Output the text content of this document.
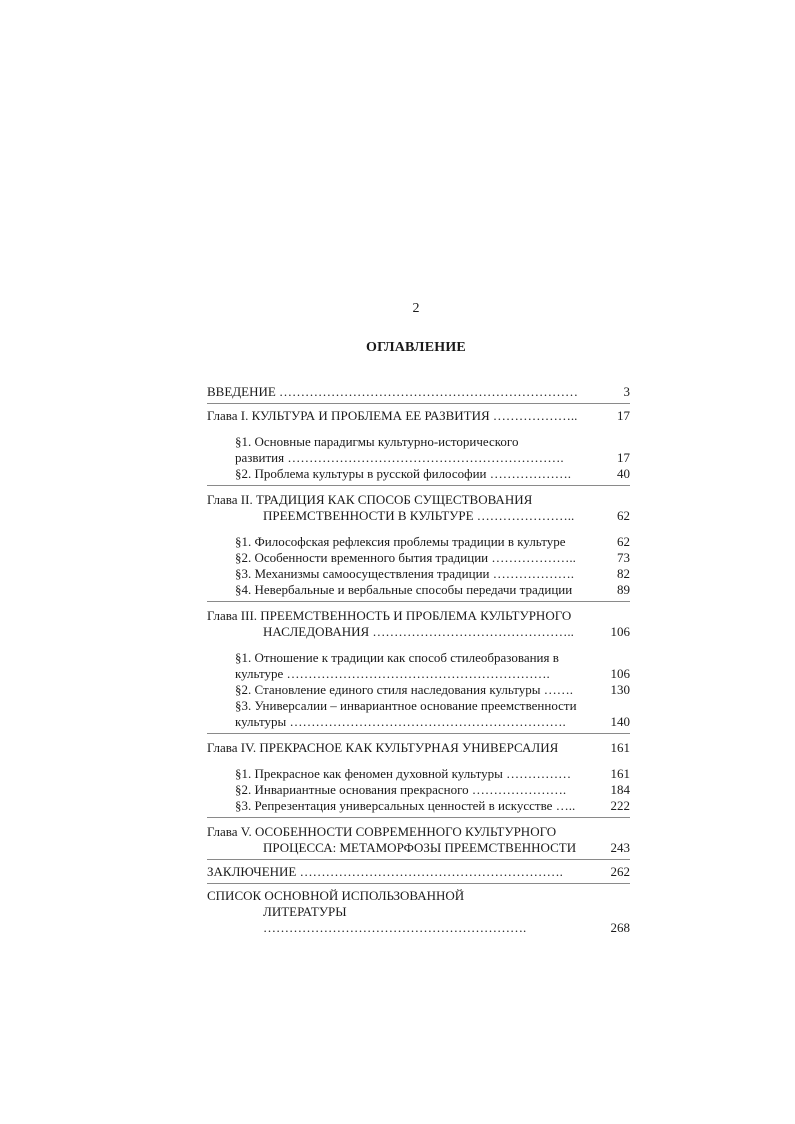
2
ОГЛАВЛЕНИЕ
ВВЕДЕНИЕ ……………………………………………………………	3
Глава I. КУЛЬТУРА И ПРОБЛЕМА ЕЕ РАЗВИТИЯ ………………..	17
§1. Основные парадигмы культурно-исторического
развития ……………………………………………………….	17
§2. Проблема культуры в русской философии ……………….	40
Глава II. ТРАДИЦИЯ КАК СПОСОБ СУЩЕСТВОВАНИЯ
ПРЕЕМСТВЕННОСТИ В КУЛЬТУРЕ …………………..	62
§1. Философская рефлексия проблемы традиции в культуре	62
§2. Особенности временного бытия традиции ………………..	73
§3. Механизмы самоосуществления традиции ……………….	82
§4. Невербальные и вербальные способы передачи традиции	89
Глава III. ПРЕЕМСТВЕННОСТЬ И ПРОБЛЕМА КУЛЬТУРНОГО
НАСЛЕДОВАНИЯ ………………………………………..	106
§1. Отношение к традиции как способ стилеобразования в
культуре …………………………………………………….	106
§2. Становление единого стиля наследования культуры …….	130
§3. Универсалии – инвариантное основание преемственности
культуры ……………………………………………………….	140
Глава IV. ПРЕКРАСНОЕ КАК КУЛЬТУРНАЯ УНИВЕРСАЛИЯ	161
§1. Прекрасное как феномен духовной культуры ……………	161
§2. Инвариантные основания прекрасного ………………….	184
§3. Репрезентация универсальных ценностей в искусстве …..	222
Глава V. ОСОБЕННОСТИ СОВРЕМЕННОГО КУЛЬТУРНОГО
ПРОЦЕССА: МЕТАМОРФОЗЫ ПРЕЕМСТВЕННОСТИ	243
ЗАКЛЮЧЕНИЕ …………………………………………………….	262
СПИСОК ОСНОВНОЙ ИСПОЛЬЗОВАННОЙ
ЛИТЕРАТУРЫ …………………………………………………….	268
